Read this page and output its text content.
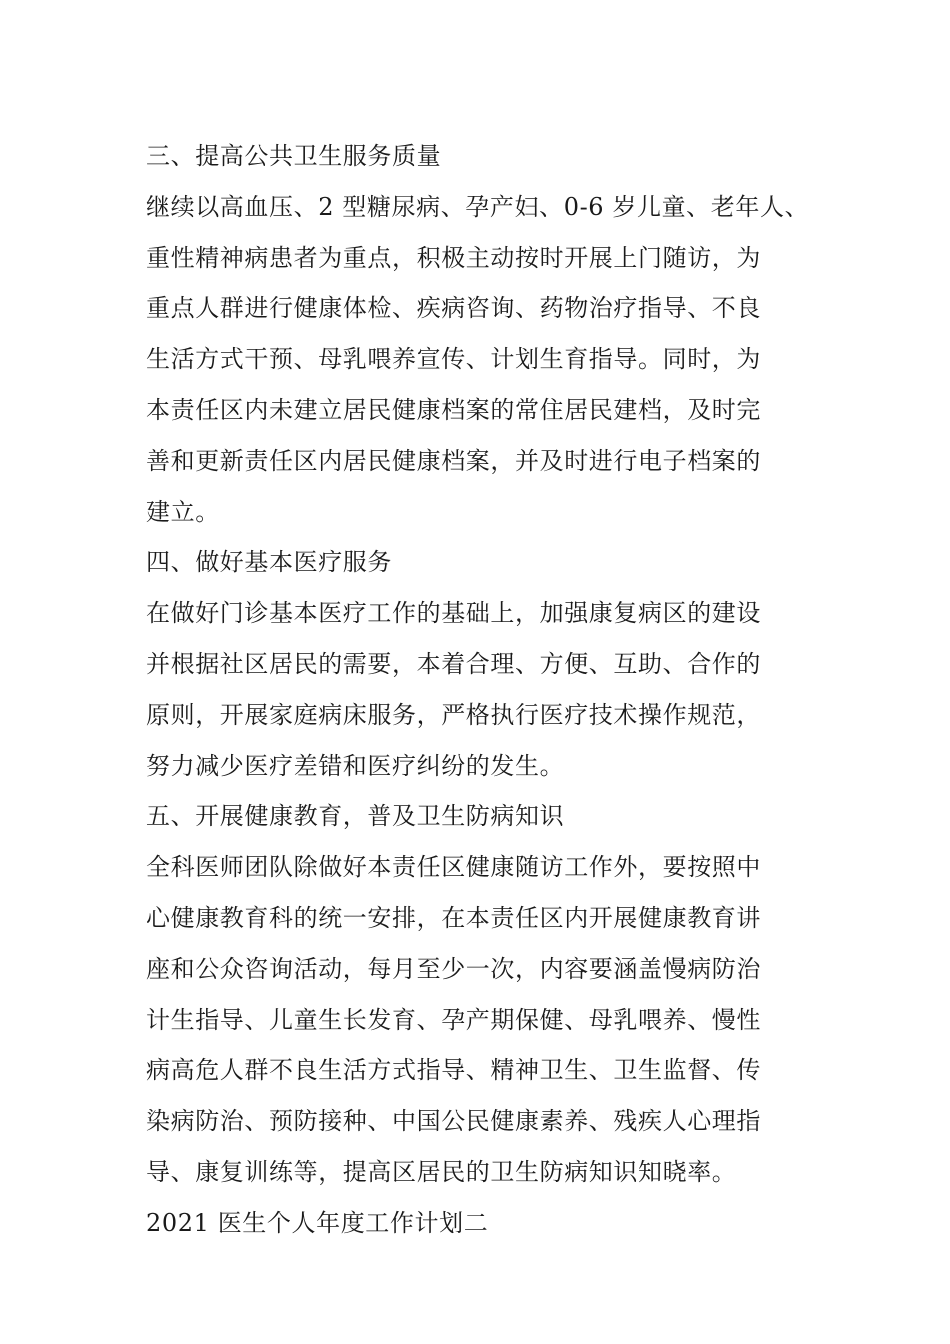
三、提高公共卫生服务质量
继续以高血压、2 型糖尿病、孕产妇、0-6 岁儿童、老年人、
重性精神病患者为重点，积极主动按时开展上门随访，为
重点人群进行健康体检、疾病咨询、药物治疗指导、不良
生活方式干预、母乳喂养宣传、计划生育指导。同时，为
本责任区内未建立居民健康档案的常住居民建档，及时完
善和更新责任区内居民健康档案，并及时进行电子档案的
建立。
四、做好基本医疗服务
在做好门诊基本医疗工作的基础上，加强康复病区的建设
并根据社区居民的需要，本着合理、方便、互助、合作的
原则，开展家庭病床服务，严格执行医疗技术操作规范，
努力减少医疗差错和医疗纠纷的发生。
五、开展健康教育，普及卫生防病知识
全科医师团队除做好本责任区健康随访工作外，要按照中
心健康教育科的统一安排，在本责任区内开展健康教育讲
座和公众咨询活动，每月至少一次，内容要涵盖慢病防治
计生指导、儿童生长发育、孕产期保健、母乳喂养、慢性
病高危人群不良生活方式指导、精神卫生、卫生监督、传
染病防治、预防接种、中国公民健康素养、残疾人心理指
导、康复训练等，提高区居民的卫生防病知识知晓率。
2021 医生个人年度工作计划二
